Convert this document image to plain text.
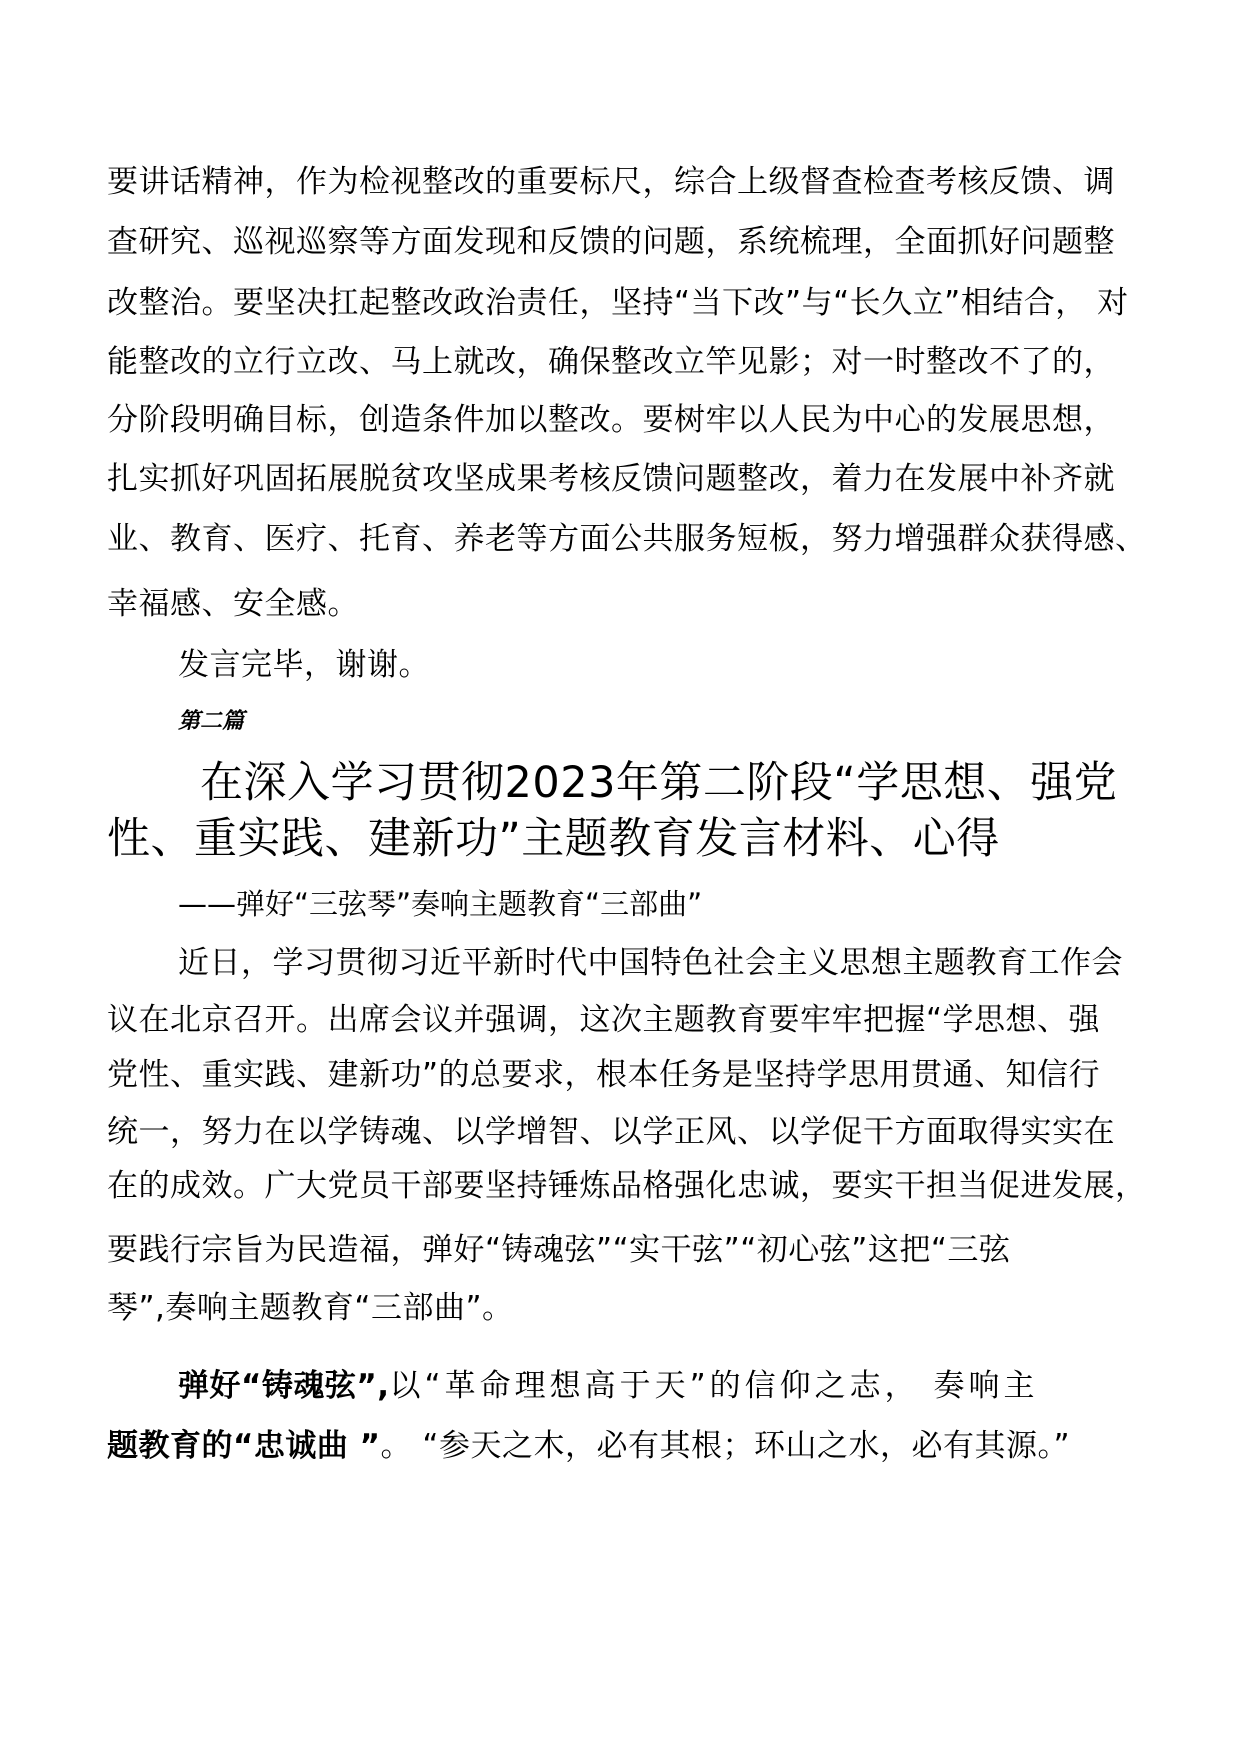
要讲话精神，作为检视整改的重要标尺，综合上级督查检查考核反馈、调
查研究、巡视巡察等方面发现和反馈的问题，系统梳理，全面抓好问题整
改整治。要坚决扛起整改政治责任，坚持“当下改”与“长久立”相结合， 对
能整改的立行立改、马上就改，确保整改立竿见影；对一时整改不了的，
分阶段明确目标，创造条件加以整改。要树牢以人民为中心的发展思想，
扎实抓好巩固拓展脱贫攻坚成果考核反馈问题整改，着力在发展中补齐就
业、教育、医疗、托育、养老等方面公共服务短板，努力增强群众获得感、
幸福感、安全感。
发言完毕，谢谢。
第二篇
在深入学习贯彻2023年第二阶段“学思想、强党
性、重实践、建新功”主题教育发言材料、心得
——弹好“三弦琴”奏响主题教育“三部曲”
近日，学习贯彻习近平新时代中国特色社会主义思想主题教育工作会
议在北京召开。出席会议并强调，这次主题教育要牢牢把握“学思想、强
党性、重实践、建新功”的总要求，根本任务是坚持学思用贯通、知信行
统一，努力在以学铸魂、以学增智、以学正风、以学促干方面取得实实在
在的成效。广大党员干部要坚持锤炼品格强化忠诚，要实干担当促进发展，
要践行宗旨为民造福，弹好“铸魂弦”“实干弦”“初心弦”这把“三弦
琴”,奏响主题教育“三部曲”。
弹好“铸魂弦”,以“革命理想高于天”的信仰之志， 奏响主
题教育的“忠诚曲 ”。 “参天之木，必有其根；环山之水，必有其源。”
